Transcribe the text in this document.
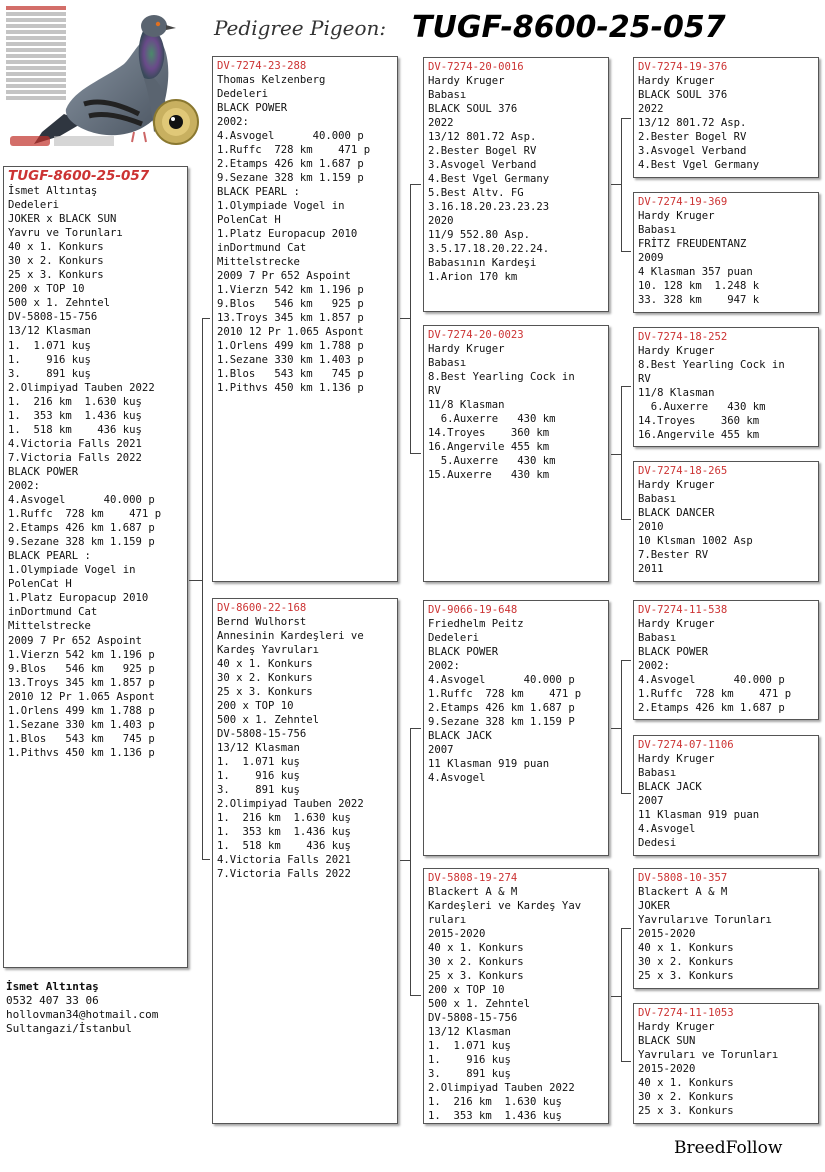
Pedigree Pigeon: TUGF-8600-25-057
TUGF-8600-25-057
İsmet Altıntaş
Dedeleri
JOKER x BLACK SUN
Yavru ve Torunları
40 x 1. Konkurs
30 x 2. Konkurs
25 x 3. Konkurs
200 x TOP 10
500 x 1. Zehntel
DV-5808-15-756
13/12 Klasman
1.  1.071 kuş
1.    916 kuş
3.    891 kuş
2.Olimpiyad Tauben 2022
1.  216 km  1.630 kuş
1.  353 km  1.436 kuş
1.  518 km    436 kuş
4.Victoria Falls 2021
7.Victoria Falls 2022
BLACK POWER
2002:
4.Asvogel      40.000 p
1.Ruffc  728 km    471 p
2.Etamps 426 km 1.687 p
9.Sezane 328 km 1.159 p
BLACK PEARL :
1.Olympiade Vogel in
PolenCat H
1.Platz Europacup 2010
inDortmund Cat
Mittelstrecke
2009 7 Pr 652 Aspoint
1.Vierzn 542 km 1.196 p
9.Blos   546 km   925 p
13.Troys 345 km 1.857 p
2010 12 Pr 1.065 Aspont
1.Orlens 499 km 1.788 p
1.Sezane 330 km 1.403 p
1.Blos   543 km   745 p
1.Pithvs 450 km 1.136 p
DV-7274-23-288
Thomas Kelzenberg
Dedeleri
BLACK POWER
2002:
4.Asvogel      40.000 p
1.Ruffc  728 km    471 p
2.Etamps 426 km 1.687 p
9.Sezane 328 km 1.159 p
BLACK PEARL :
1.Olympiade Vogel in
PolenCat H
1.Platz Europacup 2010
inDortmund Cat
Mittelstrecke
2009 7 Pr 652 Aspoint
1.Vierzn 542 km 1.196 p
9.Blos   546 km   925 p
13.Troys 345 km 1.857 p
2010 12 Pr 1.065 Aspont
1.Orlens 499 km 1.788 p
1.Sezane 330 km 1.403 p
1.Blos   543 km   745 p
1.Pithvs 450 km 1.136 p
DV-8600-22-168
Bernd Wulhorst
Annesinin Kardeşleri ve
Kardeş Yavruları
40 x 1. Konkurs
30 x 2. Konkurs
25 x 3. Konkurs
200 x TOP 10
500 x 1. Zehntel
DV-5808-15-756
13/12 Klasman
1.  1.071 kuş
1.    916 kuş
3.    891 kuş
2.Olimpiyad Tauben 2022
1.  216 km  1.630 kuş
1.  353 km  1.436 kuş
1.  518 km    436 kuş
4.Victoria Falls 2021
7.Victoria Falls 2022
DV-7274-20-0016
Hardy Kruger
Babası
BLACK SOUL 376
2022
13/12 801.72 Asp.
2.Bester Bogel RV
3.Asvogel Verband
4.Best Vgel Germany
5.Best Altv. FG
3.16.18.20.23.23.23
2020
11/9 552.80 Asp.
3.5.17.18.20.22.24.
Babasının Kardeşi
1.Arion 170 km
DV-7274-20-0023
Hardy Kruger
Babası
8.Best Yearling Cock in
RV
11/8 Klasman
6.Auxerre   430 km
14.Troyes    360 km
16.Angervile 455 km
5.Auxerre   430 km
15.Auxerre   430 km
DV-9066-19-648
Friedhelm Peitz
Dedeleri
BLACK POWER
2002:
4.Asvogel      40.000 p
1.Ruffc  728 km    471 p
2.Etamps 426 km 1.687 p
9.Sezane 328 km 1.159 P
BLACK JACK
2007
11 Klasman 919 puan
4.Asvogel
DV-5808-19-274
Blackert A & M
Kardeşleri ve Kardeş Yav
ruları
2015-2020
40 x 1. Konkurs
30 x 2. Konkurs
25 x 3. Konkurs
200 x TOP 10
500 x 1. Zehntel
DV-5808-15-756
13/12 Klasman
1.  1.071 kuş
1.    916 kuş
3.    891 kuş
2.Olimpiyad Tauben 2022
1.  216 km  1.630 kuş
1.  353 km  1.436 kuş
DV-7274-19-376
Hardy Kruger
BLACK SOUL 376
2022
13/12 801.72 Asp.
2.Bester Bogel RV
3.Asvogel Verband
4.Best Vgel Germany
DV-7274-19-369
Hardy Kruger
Babası
FRİTZ FREUDENTANZ
2009
4 Klasman 357 puan
10. 128 km  1.248 k
33. 328 km    947 k
DV-7274-18-252
Hardy Kruger
8.Best Yearling Cock in
RV
11/8 Klasman
6.Auxerre   430 km
14.Troyes    360 km
16.Angervile 455 km
DV-7274-18-265
Hardy Kruger
Babası
BLACK DANCER
2010
10 Klsman 1002 Asp
7.Bester RV
2011
DV-7274-11-538
Hardy Kruger
Babası
BLACK POWER
2002:
4.Asvogel      40.000 p
1.Ruffc  728 km    471 p
2.Etamps 426 km 1.687 p
DV-7274-07-1106
Hardy Kruger
Babası
BLACK JACK
2007
11 Klasman 919 puan
4.Asvogel
Dedesi
DV-5808-10-357
Blackert A & M
JOKER
Yavrularıve Torunları
2015-2020
40 x 1. Konkurs
30 x 2. Konkurs
25 x 3. Konkurs
DV-7274-11-1053
Hardy Kruger
BLACK SUN
Yavruları ve Torunları
2015-2020
40 x 1. Konkurs
30 x 2. Konkurs
25 x 3. Konkurs
İsmet Altıntaş
0532 407 33 06
hollovman34@hotmail.com
Sultangazi/İstanbul
BreedFollow
